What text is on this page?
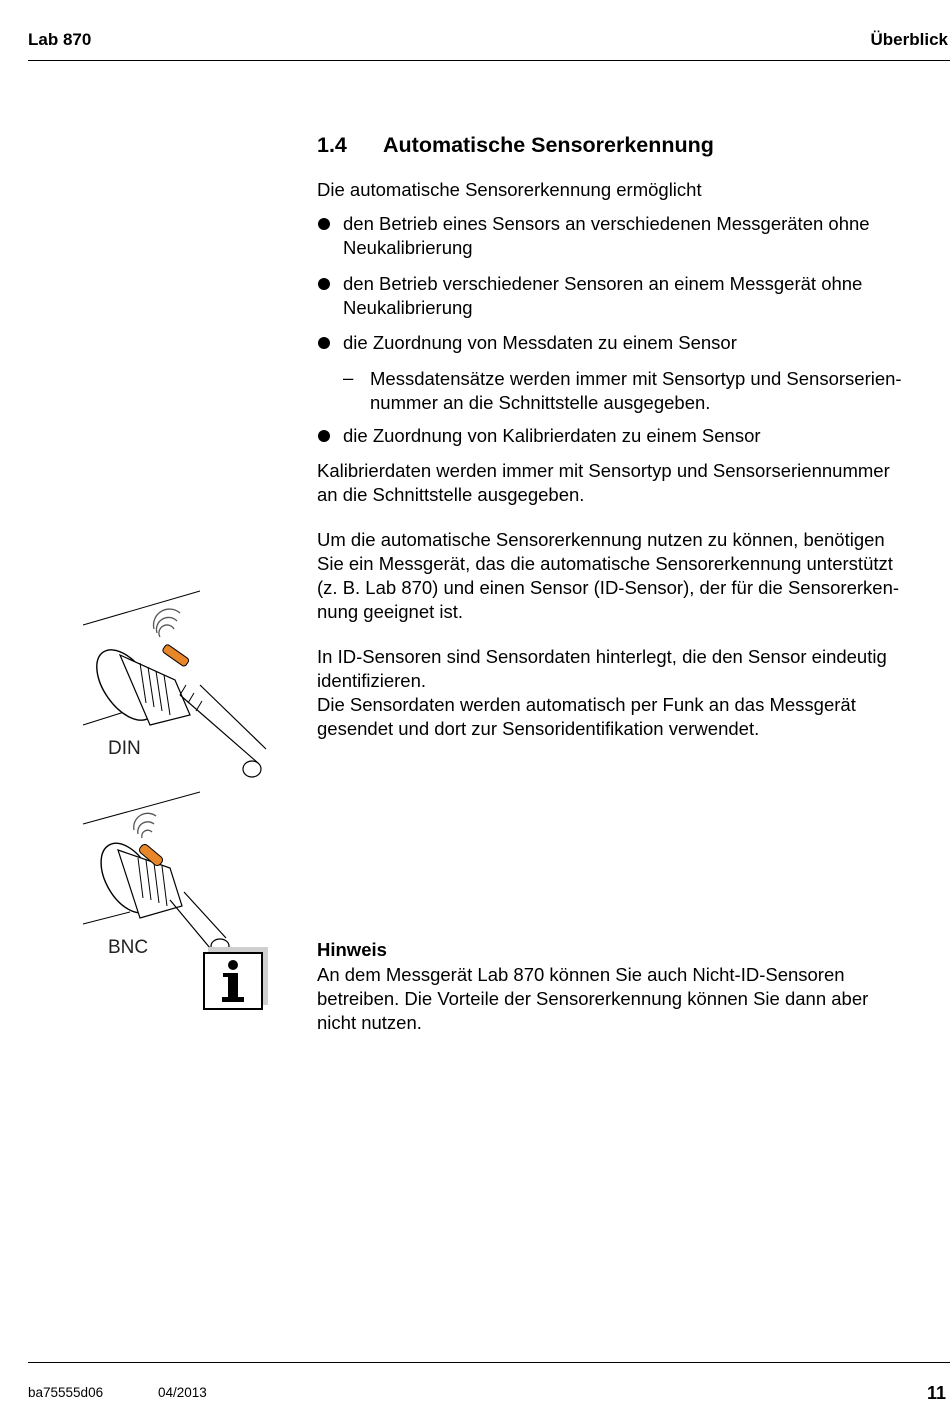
Lab 870	Überblick
1.4 Automatische Sensorerkennung
Die automatische Sensorerkennung ermöglicht
den Betrieb eines Sensors an verschiedenen Messgeräten ohne
Neukalibrierung
den Betrieb verschiedener Sensoren an einem Messgerät ohne
Neukalibrierung
die Zuordnung von Messdaten zu einem Sensor
– Messdatensätze werden immer mit Sensortyp und Sensorserien-
nummer an die Schnittstelle ausgegeben.
die Zuordnung von Kalibrierdaten zu einem Sensor
Kalibrierdaten werden immer mit Sensortyp und Sensorseriennummer
an die Schnittstelle ausgegeben.
Um die automatische Sensorerkennung nutzen zu können, benötigen
Sie ein Messgerät, das die automatische Sensorerkennung unterstützt
(z. B. Lab 870) und einen Sensor (ID-Sensor), der für die Sensorerken-
nung geeignet ist.
In ID-Sensoren sind Sensordaten hinterlegt, die den Sensor eindeutig
identifizieren.
Die Sensordaten werden automatisch per Funk an das Messgerät
gesendet und dort zur Sensoridentifikation verwendet.
DIN
BNC	Hinweis
An dem Messgerät Lab 870 können Sie auch Nicht-ID-Sensoren
betreiben. Die Vorteile der Sensorerkennung können Sie dann aber
nicht nutzen.
ba75555d06	04/2013	11
